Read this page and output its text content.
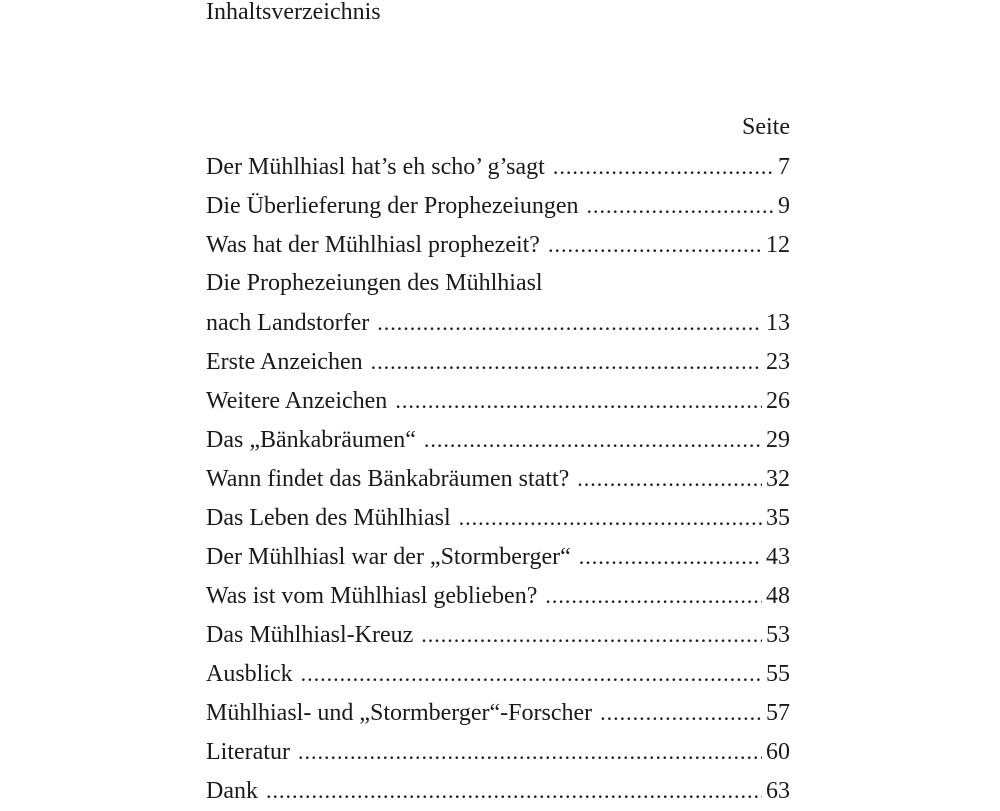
Inhaltsverzeichnis
Seite
Der Mühlhiasl hat’s eh scho’ g’sagt .....	7
Die Überlieferung der Prophezeiungen .....	9
Was hat der Mühlhiasl prophezeit? .....	12
Die Prophezeiungen des Mühlhiasl
nach Landstorfer .....	13
Erste Anzeichen .....	23
Weitere Anzeichen .....	26
Das „Bänkabräumen“ .....	29
Wann findet das Bänkabräumen statt? .....	32
Das Leben des Mühlhiasl .....	35
Der Mühlhiasl war der „Stormberger“ .....	43
Was ist vom Mühlhiasl geblieben? .....	48
Das Mühlhiasl-Kreuz .....	53
Ausblick .....	55
Mühlhiasl- und „Stormberger“-Forscher .....	57
Literatur .....	60
Dank .....	63
